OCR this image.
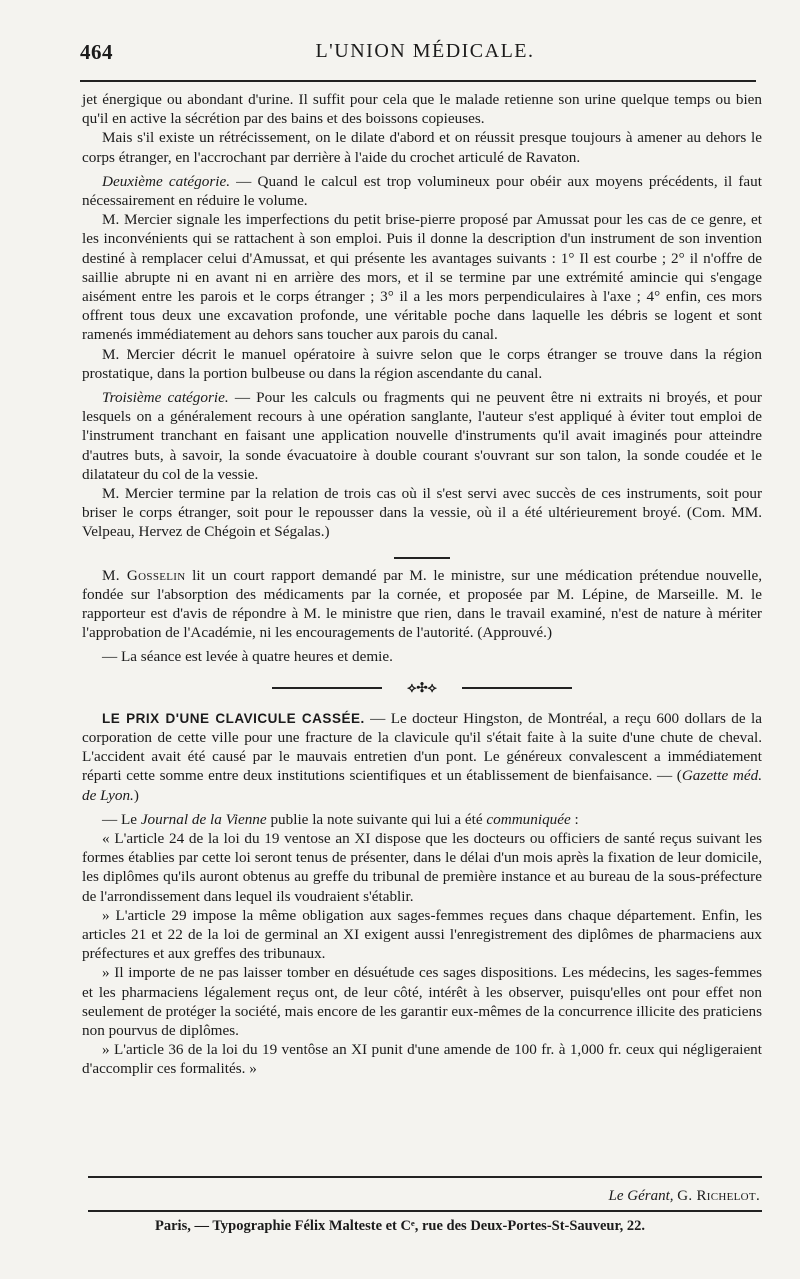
464	L'UNION MÉDICALE.

jet énergique ou abondant d'urine. Il suffit pour cela que le malade retienne son urine quelque temps ou bien qu'il en active la sécrétion par des bains et des boissons copieuses.

Mais s'il existe un rétrécissement, on le dilate d'abord et on réussit presque toujours à amener au dehors le corps étranger, en l'accrochant par derrière à l'aide du crochet articulé de Ravaton.

Deuxième catégorie. — Quand le calcul est trop volumineux pour obéir aux moyens précédents, il faut nécessairement en réduire le volume.

M. Mercier signale les imperfections du petit brise-pierre proposé par Amussat pour les cas de ce genre, et les inconvénients qui se rattachent à son emploi. Puis il donne la description d'un instrument de son invention destiné à remplacer celui d'Amussat, et qui présente les avantages suivants : 1° Il est courbe ; 2° il n'offre de saillie abrupte ni en avant ni en arrière des mors, et il se termine par une extrémité amincie qui s'engage aisément entre les parois et le corps étranger ; 3° il a les mors perpendiculaires à l'axe ; 4° enfin, ces mors offrent tous deux une excavation profonde, une véritable poche dans laquelle les débris se logent et sont ramenés immédiatement au dehors sans toucher aux parois du canal.

M. Mercier décrit le manuel opératoire à suivre selon que le corps étranger se trouve dans la région prostatique, dans la portion bulbeuse ou dans la région ascendante du canal.

Troisième catégorie. — Pour les calculs ou fragments qui ne peuvent être ni extraits ni broyés, et pour lesquels on a généralement recours à une opération sanglante, l'auteur s'est appliqué à éviter tout emploi de l'instrument tranchant en faisant une application nouvelle d'instruments qu'il avait imaginés pour atteindre d'autres buts, à savoir, la sonde évacuatoire à double courant s'ouvrant sur son talon, la sonde coudée et le dilatateur du col de la vessie.

M. Mercier termine par la relation de trois cas où il s'est servi avec succès de ces instruments, soit pour briser le corps étranger, soit pour le repousser dans la vessie, où il a été ultérieurement broyé. (Com. MM. Velpeau, Hervez de Chégoin et Ségalas.)

M. Gosselin lit un court rapport demandé par M. le ministre, sur une médication prétendue nouvelle, fondée sur l'absorption des médicaments par la cornée, et proposée par M. Lépine, de Marseille. M. le rapporteur est d'avis de répondre à M. le ministre que rien, dans le travail examiné, n'est de nature à mériter l'approbation de l'Académie, ni les encouragements de l'autorité. (Approuvé.)

— La séance est levée à quatre heures et demie.

⟡✣⟡

LE PRIX D'UNE CLAVICULE CASSÉE. — Le docteur Hingston, de Montréal, a reçu 600 dollars de la corporation de cette ville pour une fracture de la clavicule qu'il s'était faite à la suite d'une chute de cheval. L'accident avait été causé par le mauvais entretien d'un pont. Le généreux convalescent a immédiatement réparti cette somme entre deux institutions scientifiques et un établissement de bienfaisance. — (Gazette méd. de Lyon.)

— Le Journal de la Vienne publie la note suivante qui lui a été communiquée :

« L'article 24 de la loi du 19 ventose an XI dispose que les docteurs ou officiers de santé reçus suivant les formes établies par cette loi seront tenus de présenter, dans le délai d'un mois après la fixation de leur domicile, les diplômes qu'ils auront obtenus au greffe du tribunal de première instance et au bureau de la sous-préfecture de l'arrondissement dans lequel ils voudraient s'établir.

» L'article 29 impose la même obligation aux sages-femmes reçues dans chaque département. Enfin, les articles 21 et 22 de la loi de germinal an XI exigent aussi l'enregistrement des diplômes de pharmaciens aux préfectures et aux greffes des tribunaux.

» Il importe de ne pas laisser tomber en désuétude ces sages dispositions. Les médecins, les sages-femmes et les pharmaciens légalement reçus ont, de leur côté, intérêt à les observer, puisqu'elles ont pour effet non seulement de protéger la société, mais encore de les garantir eux-mêmes de la concurrence illicite des praticiens non pourvus de diplômes.

» L'article 36 de la loi du 19 ventôse an XI punit d'une amende de 100 fr. à 1,000 fr. ceux qui négligeraient d'accomplir ces formalités. »

Le Gérant, G. Richelot.
Paris, — Typographie Félix Malteste et Cᵉ, rue des Deux-Portes-St-Sauveur, 22.
